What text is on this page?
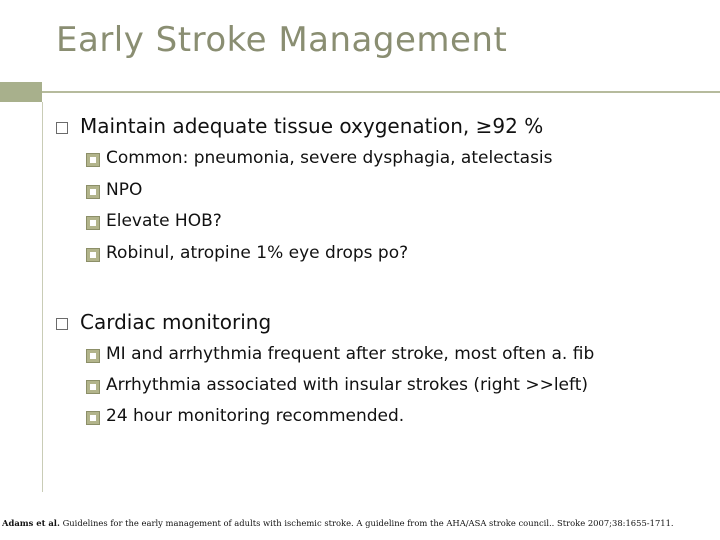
Early Stroke Management
Maintain adequate tissue oxygenation, ≥92 %
Common: pneumonia, severe dysphagia, atelectasis
NPO
Elevate HOB?
Robinul, atropine 1% eye drops po?
Cardiac monitoring
MI and arrhythmia frequent after stroke, most often a. fib
Arrhythmia associated with insular strokes (right >>left)
24 hour monitoring recommended.
Adams et al. Guidelines for the early management of adults with ischemic stroke. A guideline from the AHA/ASA stroke council.. Stroke 2007;38:1655-1711.
